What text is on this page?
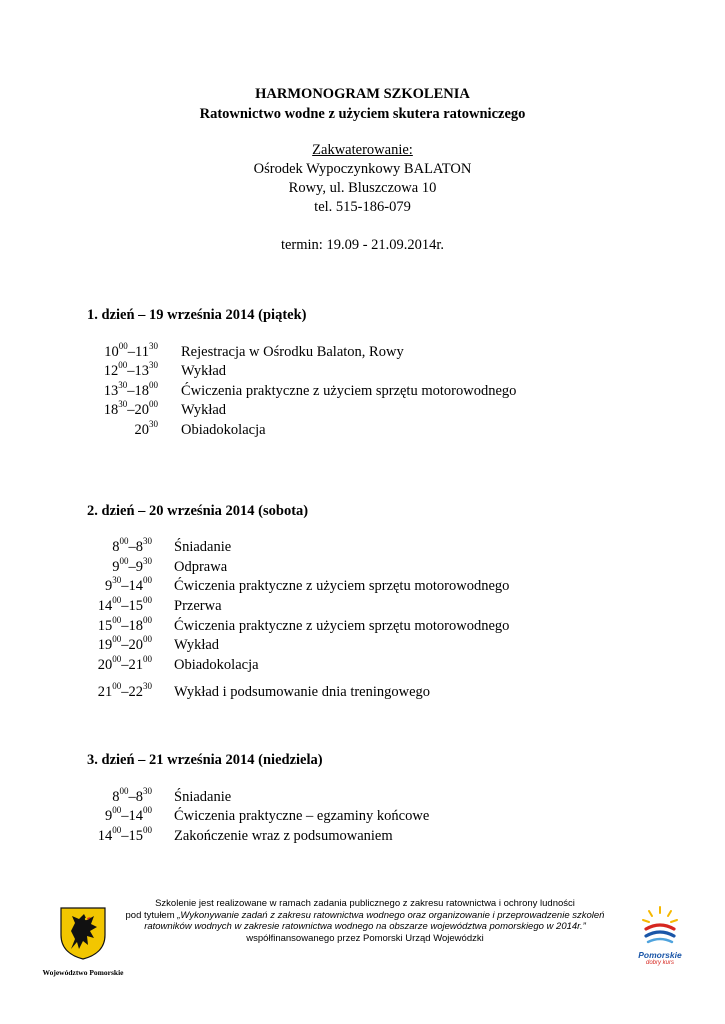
HARMONOGRAM SZKOLENIA
Ratownictwo wodne z użyciem skutera ratowniczego
Zakwaterowanie:
Ośrodek Wypoczynkowy BALATON
Rowy, ul. Bluszczowa 10
tel. 515-186-079
termin: 19.09 - 21.09.2014r.
1. dzień – 19 września 2014 (piątek)
2. dzień – 20 września 2014 (sobota)
3. dzień – 21 września 2014 (niedziela)
$10^{00}-11^{30}$ Rejestracja w Ośrodku Balaton, Rowy
$12^{00}-13^{30}$ Wykład
$13^{30}-18^{00}$ Ćwiczenia praktyczne z użyciem sprzętu motorowodnego
$18^{30}-20^{00}$ Wykład
$20^{30}$ Obiadokolacja
$8^{00}-8^{30}$ Śniadanie
$9^{00}-9^{30}$ Odprawa
$9^{30}-14^{00}$ Ćwiczenia praktyczne z użyciem sprzętu motorowodnego
$14^{00}-15^{00}$ Przerwa
$15^{00}-18^{00}$ Ćwiczenia praktyczne z użyciem sprzętu motorowodnego
$19^{00}-20^{00}$ Wykład
$20^{00}-21^{00}$ Obiadokolacja
$21^{00}-22^{30}$ Wykład i podsumowanie dnia treningowego
$8^{00}-8^{30}$ Śniadanie
$9^{00}-14^{00}$ Ćwiczenia praktyczne – egzaminy końcowe
$14^{00}-15^{00}$ Zakończenie wraz z podsumowaniem
Województwo Pomorskie
Szkolenie jest realizowane w ramach zadania publicznego z zakresu ratownictwa i ochrony ludności
pod tytułem „Wykonywanie zadań z zakresu ratownictwa wodnego oraz organizowanie i przeprowadzenie szkoleń
ratowników wodnych w zakresie ratownictwa wodnego na obszarze województwa pomorskiego w 2014r.”
współfinansowanego przez Pomorski Urząd Wojewódzki
Pomorskie
dobry kurs
